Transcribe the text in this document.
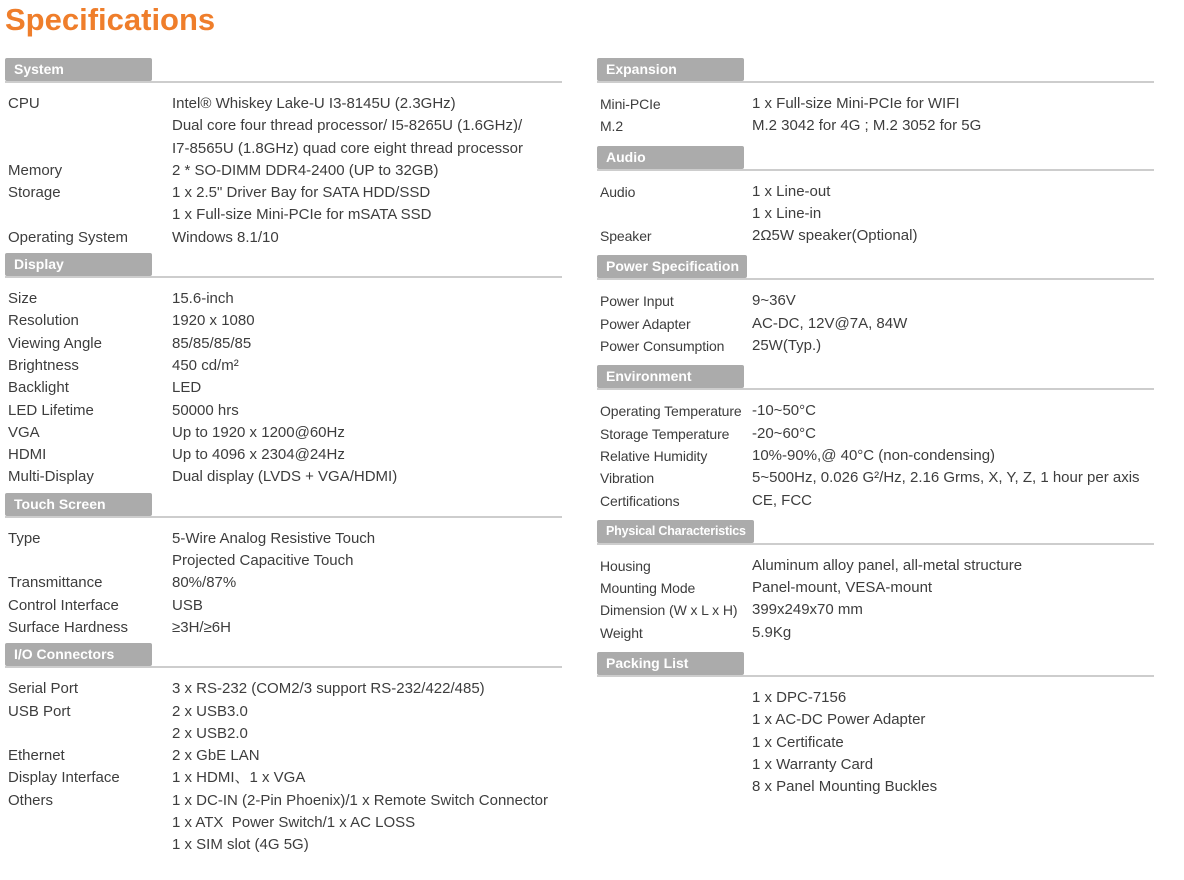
Specifications
System
CPU	Intel® Whiskey Lake-U I3-8145U (2.3GHz)
Dual core four thread processor/ I5-8265U (1.6GHz)/
I7-8565U (1.8GHz) quad core eight thread processor
Memory	2 * SO-DIMM DDR4-2400 (UP to 32GB)
Storage	1 x 2.5" Driver Bay for SATA HDD/SSD
1 x Full-size Mini-PCIe for mSATA SSD
Operating System	Windows 8.1/10
Display
Size	15.6-inch
Resolution	1920 x 1080
Viewing Angle	85/85/85/85
Brightness	450 cd/m²
Backlight	LED
LED Lifetime	50000 hrs
VGA	Up to 1920 x 1200@60Hz
HDMI	Up to 4096 x 2304@24Hz
Multi-Display	Dual display (LVDS + VGA/HDMI)
Touch Screen
Type	5-Wire Analog Resistive Touch
Projected Capacitive Touch
Transmittance	80%/87%
Control Interface	USB
Surface Hardness	≥3H/≥6H
I/O Connectors
Serial Port	3 x RS-232 (COM2/3 support RS-232/422/485)
USB Port	2 x USB3.0
2 x USB2.0
Ethernet	2 x GbE LAN
Display Interface	1 x HDMI、1 x VGA
Others	1 x DC-IN (2-Pin Phoenix)/1 x Remote Switch Connector
1 x ATX  Power Switch/1 x AC LOSS
1 x SIM slot (4G 5G)
Expansion
Mini-PCIe	1 x Full-size Mini-PCIe for WIFI
M.2	M.2 3042 for 4G ; M.2 3052 for 5G
Audio
Audio	1 x Line-out
1 x Line-in
Speaker	2Ω5W speaker(Optional)
Power Specification
Power Input	9~36V
Power Adapter	AC-DC, 12V@7A, 84W
Power Consumption	25W(Typ.)
Environment
Operating Temperature -10~50°C
Storage Temperature	-20~60°C
Relative Humidity	10%-90%,@ 40°C (non-condensing)
Vibration	5~500Hz, 0.026 G²/Hz, 2.16 Grms, X, Y, Z, 1 hour per axis
Certifications	CE, FCC
Physical Characteristics
Housing	Aluminum alloy panel, all-metal structure
Mounting Mode	Panel-mount, VESA-mount
Dimension (W x L x H) 399x249x70 mm
Weight	5.9Kg
Packing List
1 x DPC-7156
1 x AC-DC Power Adapter
1 x Certificate
1 x Warranty Card
8 x Panel Mounting Buckles
